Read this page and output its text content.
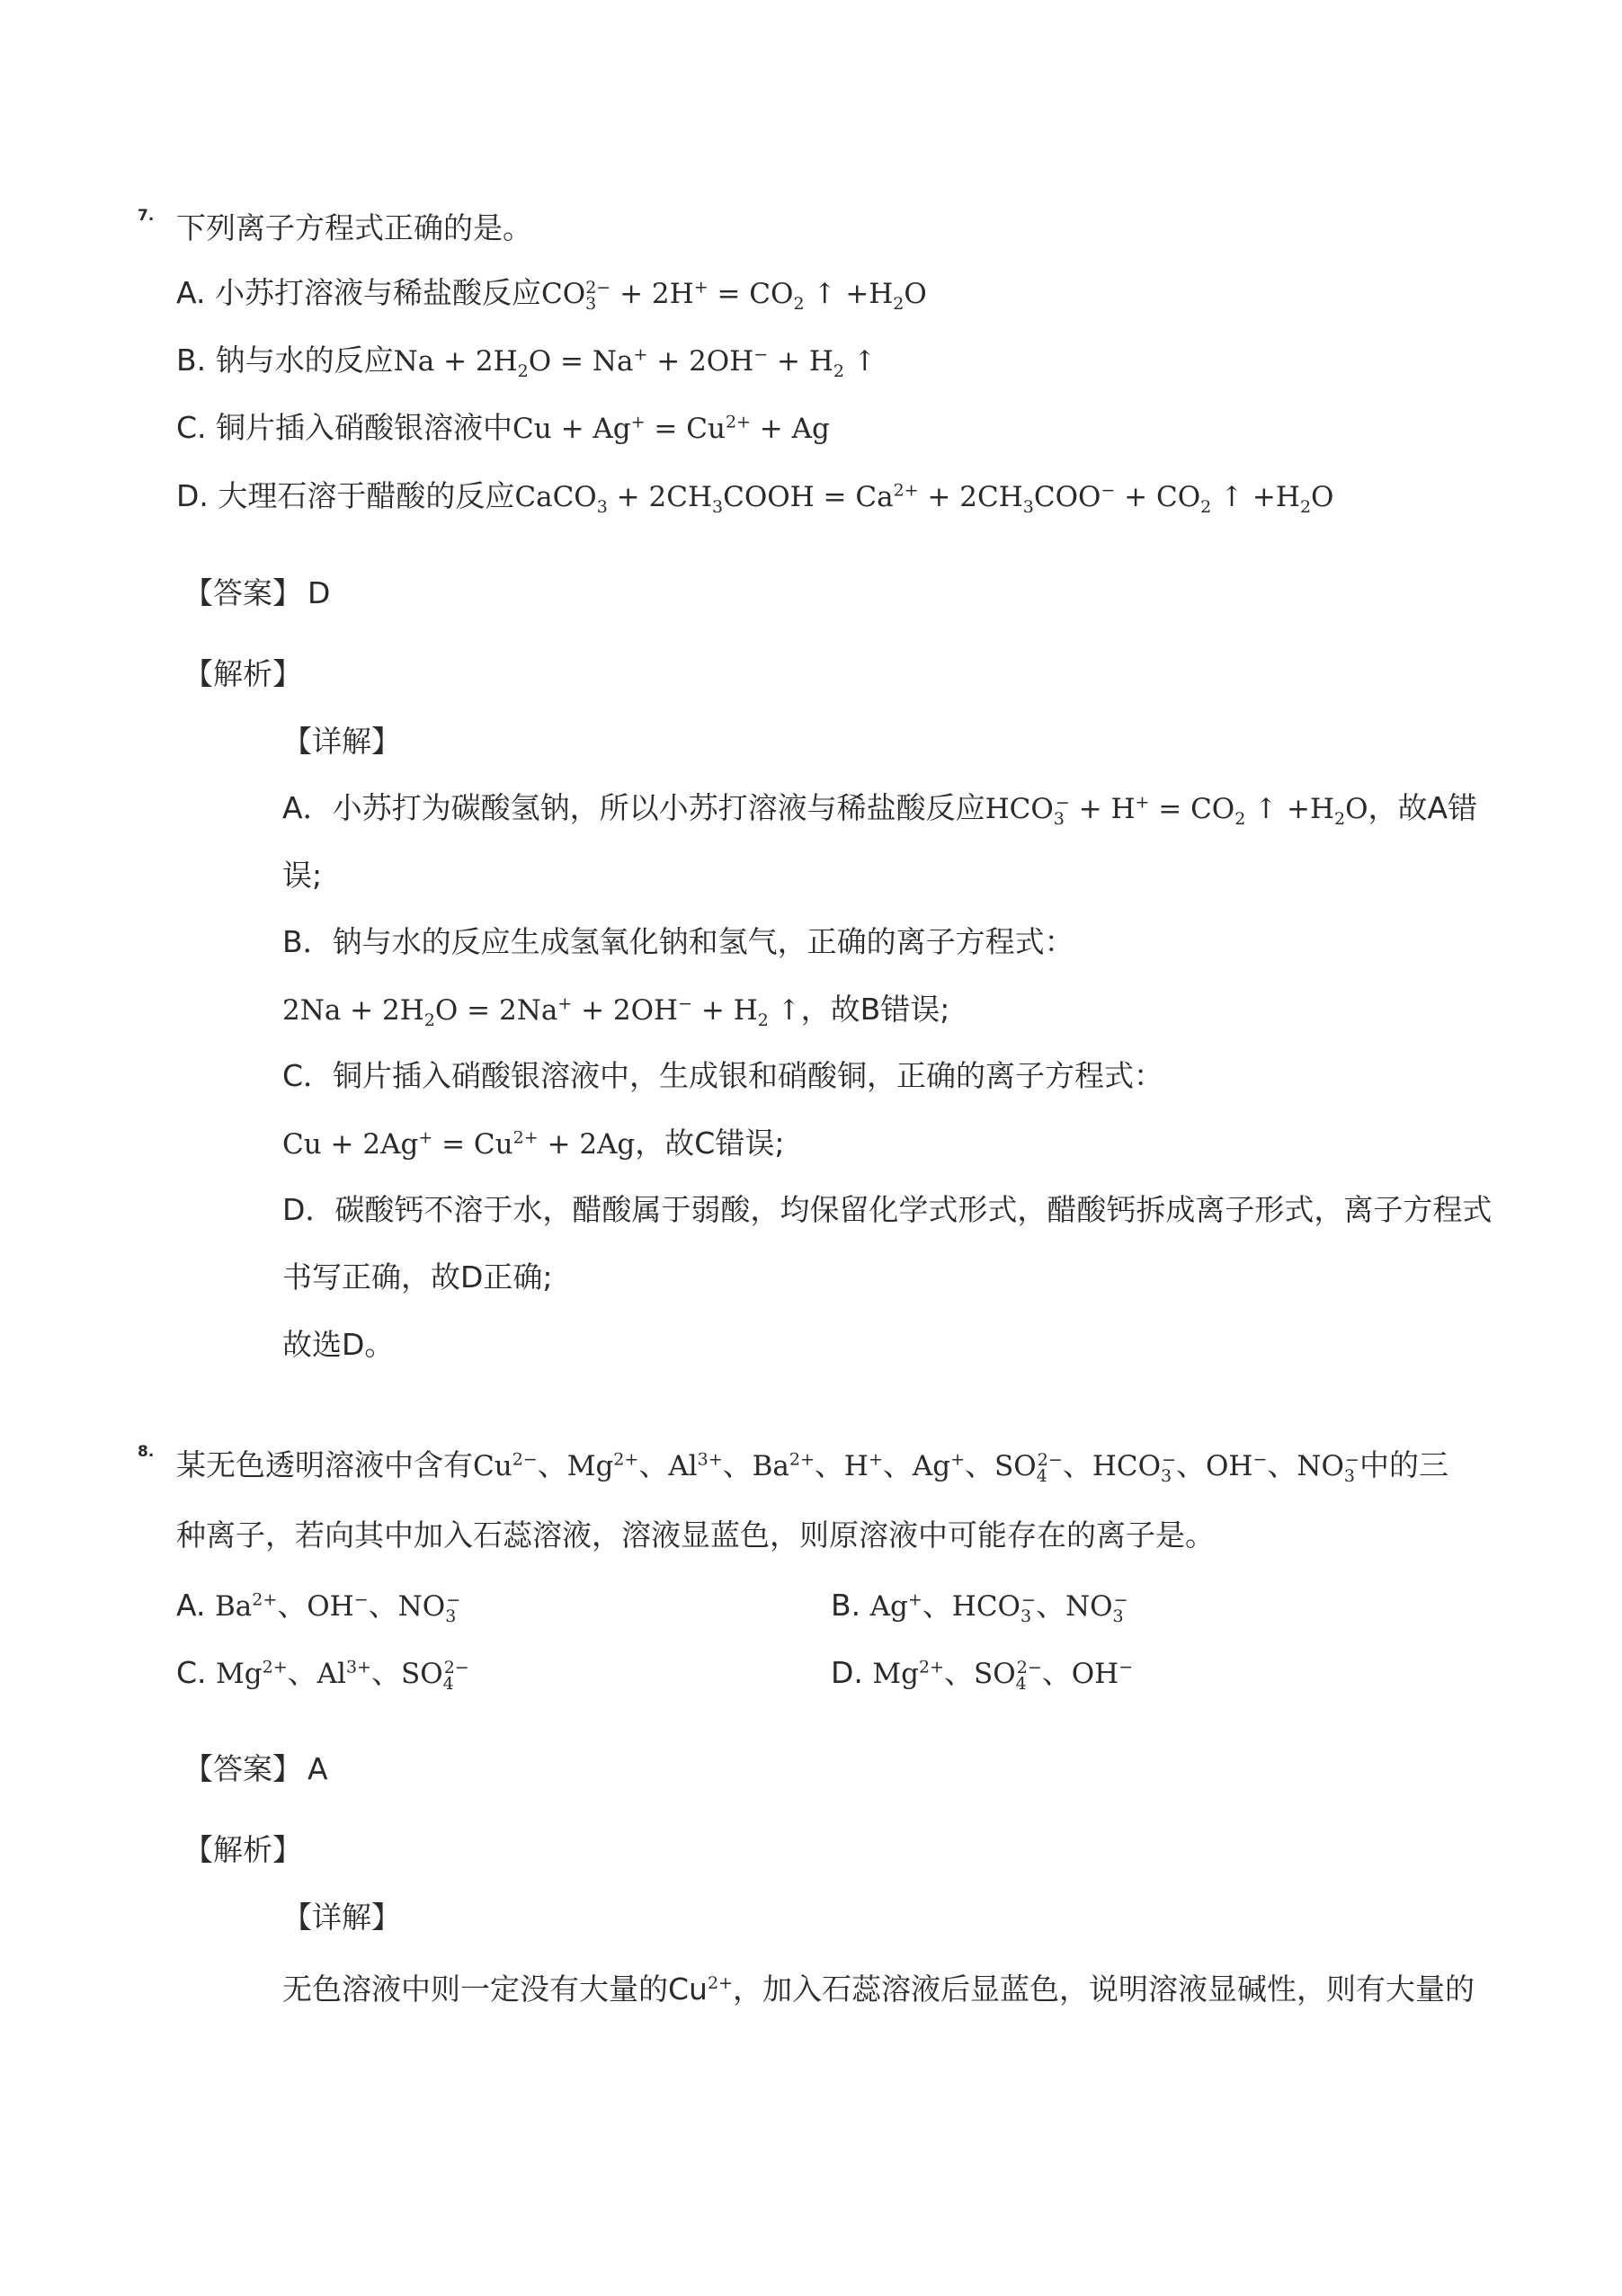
7. 下列离子方程式正确的是。
A. 小苏打溶液与稀盐酸反应$CO_3^{2-} + 2H^+ = CO_2$ ↑ $+H_2O$
B. 钠与水的反应$Na + 2H_2O = Na^+ + 2OH^- + H_2$ ↑
C. 铜片插入硝酸银溶液中$Cu + Ag^+ = Cu^{2+} + Ag$
D. 大理石溶于醋酸的反应CaCO$_3$ + $2CH_3COOH = Ca^{2+} + 2CH_3COO^- + CO_2$ ↑ $+H_2O$
【答案】 D
【解析】
【详解】
A．小苏打为碳酸氢钠，所以小苏打溶液与稀盐酸反应$HCO_3^- + H^+ = CO_2$ ↑ $+H_2O$，故A错
误;
B．钠与水的反应生成氢氧化钠和氢气，正确的离子方程式：
$2Na + 2H_2O = 2Na^+ + 2OH^- + H_2$ ↑，故B错误;
C．铜片插入硝酸银溶液中，生成银和硝酸铜，正确的离子方程式：
$Cu + 2Ag^+ = Cu^{2+} + 2Ag$，故C错误;
D．碳酸钙不溶于水，醋酸属于弱酸，均保留化学式形式，醋酸钙拆成离子形式，离子方程式
书写正确，故D正确;
故选D。
8. 某无色透明溶液中含有$Cu^{2-}$、$Mg^{2+}$、$Al^{3+}$、$Ba^{2+}$、H+、Ag+、$SO_4^{2-}$、$HCO_3^-$、OH−、$NO_3^-$中的三
种离子，若向其中加入石蕊溶液，溶液显蓝色，则原溶液中可能存在的离子是。
A. $Ba^{2+}$、OH−、$NO_3^-$	B. Ag+、$HCO_3^-$、$NO_3^-$
C. $Mg^{2+}$、$Al^{3+}$、$SO_4^{2-}$	D. $Mg^{2+}$、$SO_4^{2-}$、OH−
【答案】 A
【解析】
【详解】
无色溶液中则一定没有大量的$Cu^{2+}$，加入石蕊溶液后显蓝色，说明溶液显碱性，则有大量的
